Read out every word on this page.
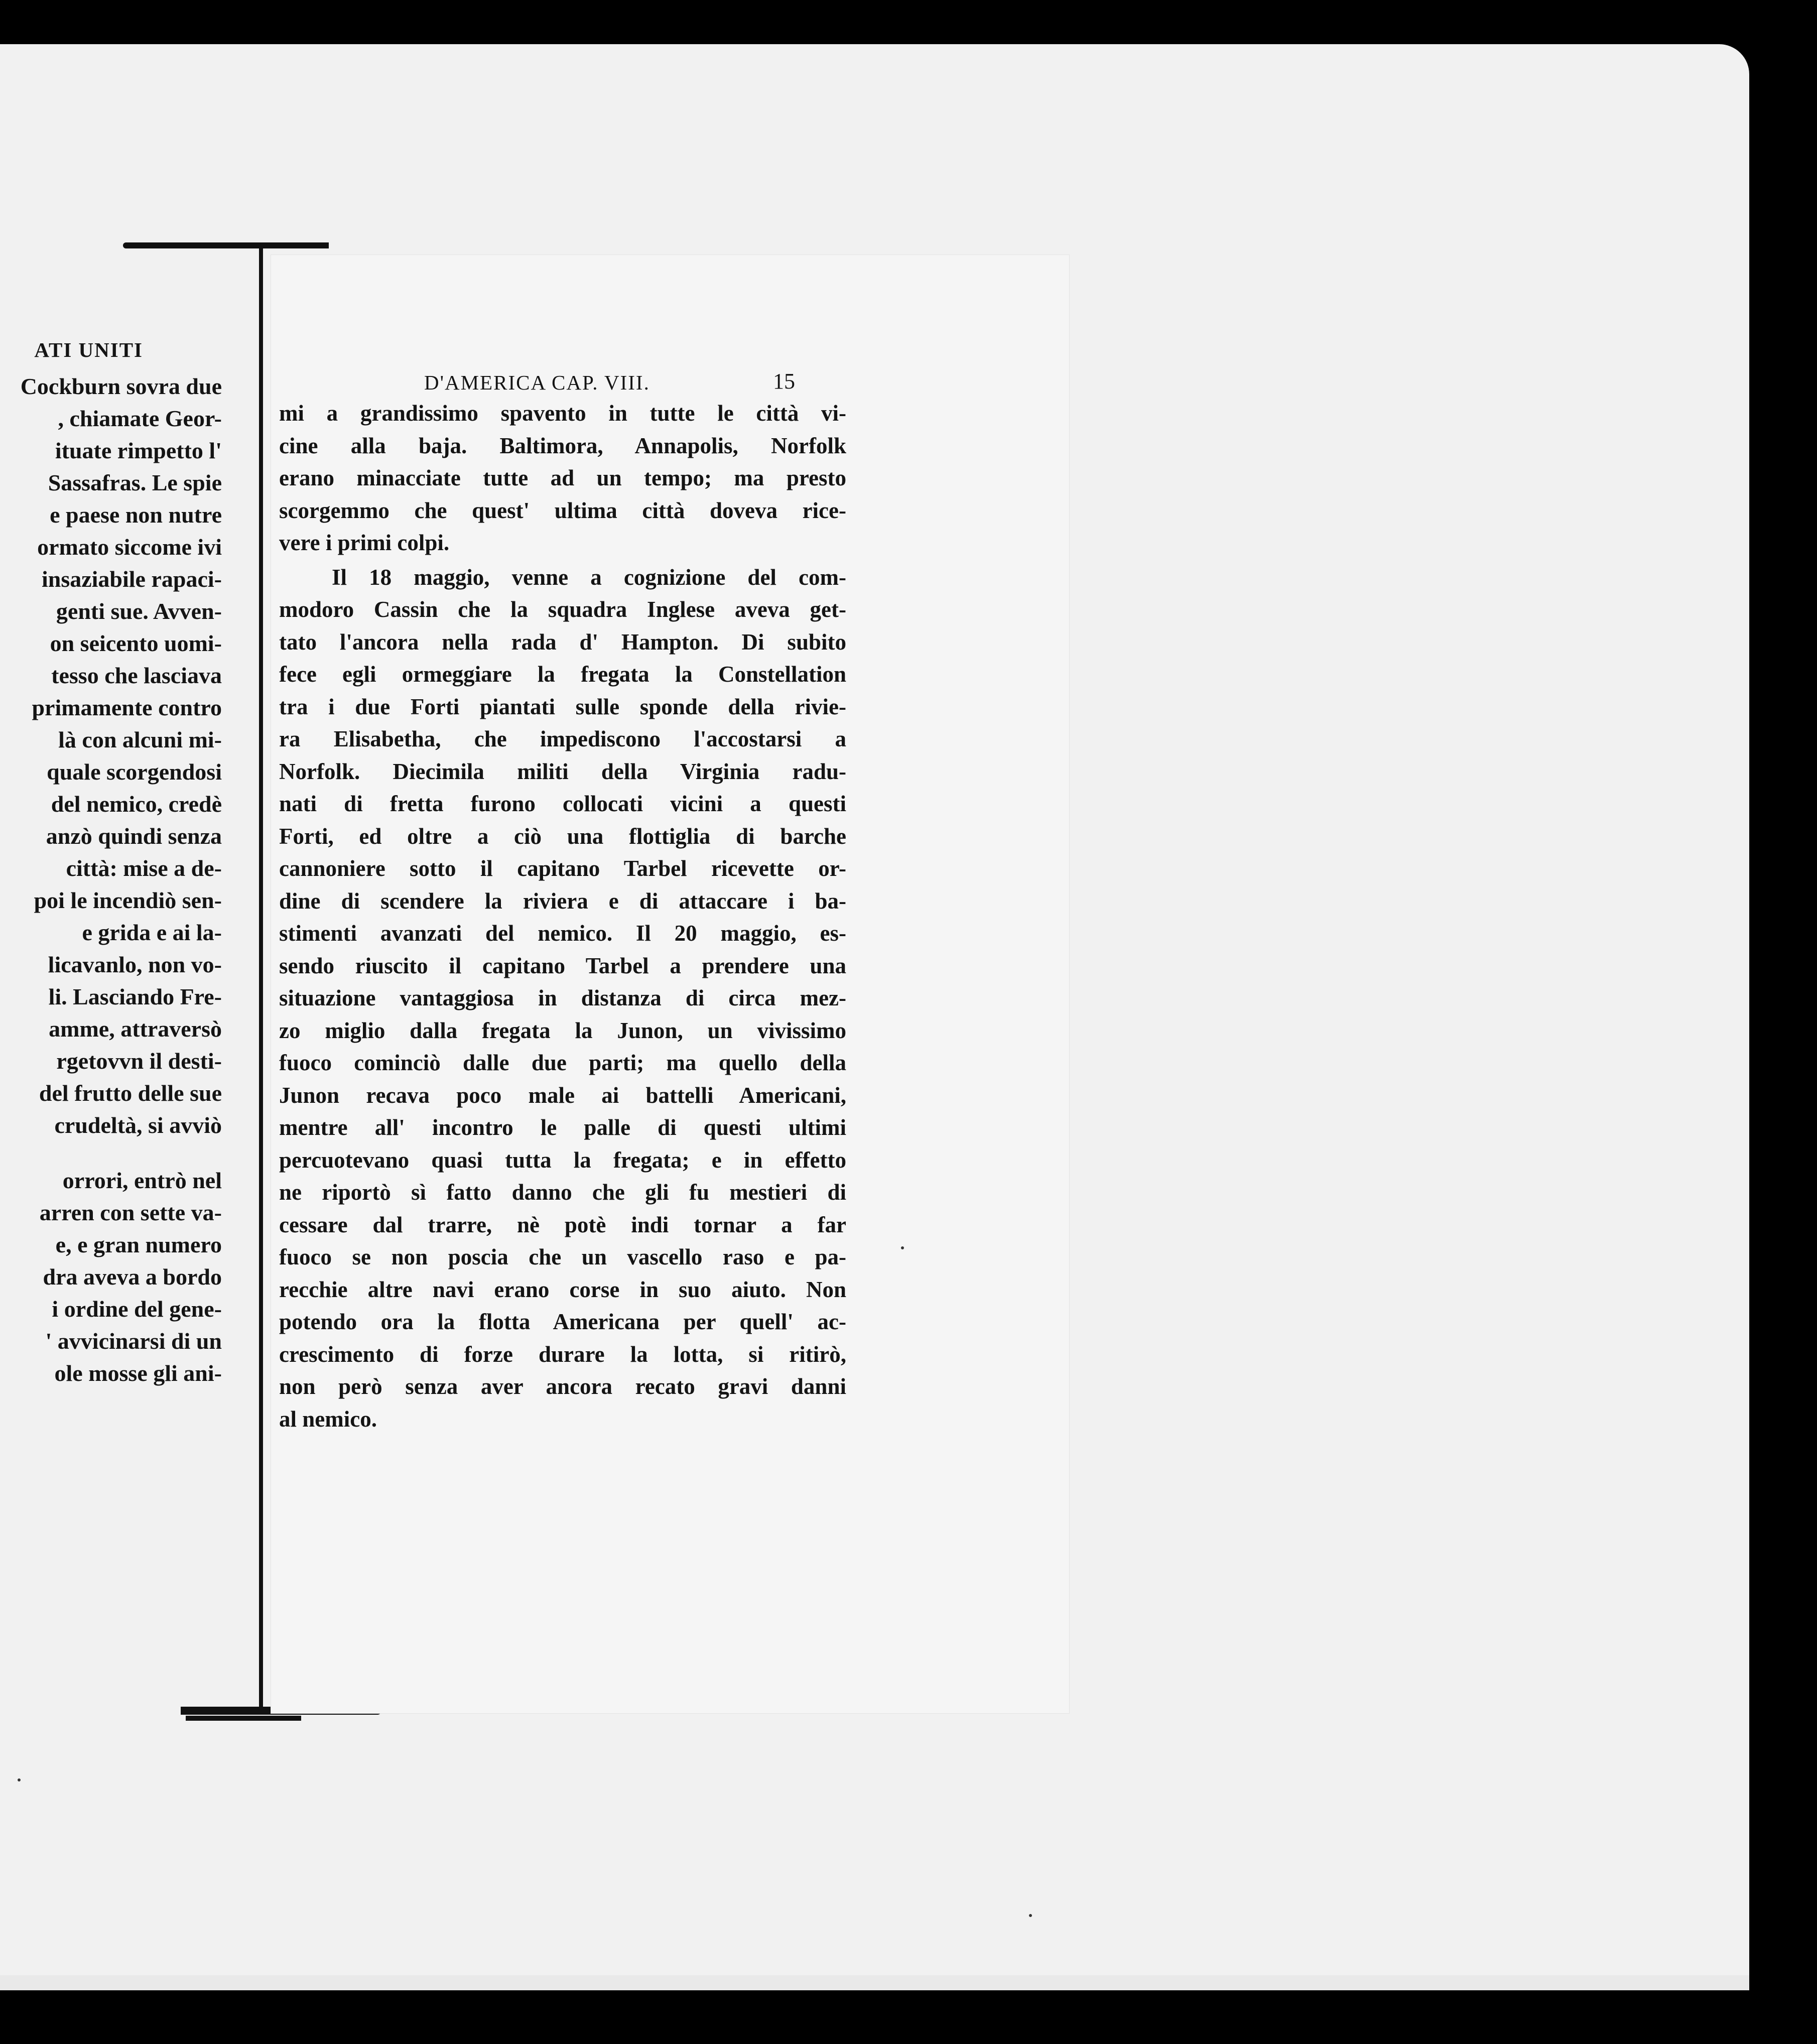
ATI UNITI
Cockburn sovra due
, chiamate Geor-
ituate rimpetto l'
Sassafras. Le spie
e paese non nutre
ormato siccome ivi
insaziabile rapaci-
genti sue. Avven-
on seicento uomi-
tesso che lasciava
primamente contro
là con alcuni mi-
quale scorgendosi
del nemico, credè
anzò quindi senza
città: mise a de-
poi le incendiò sen-
e grida e ai la-
licavanlo, non vo-
li. Lasciando Fre-
amme, attraversò
rgetovvn il desti-
del frutto delle sue
crudeltà, si avviò
orrori, entrò nel
arren con sette va-
e, e gran numero
dra aveva a bordo
i ordine del gene-
' avvicinarsi di un
ole mosse gli ani-
D'AMERICA CAP. VIII.	15
mi a grandissimo spavento in tutte le città vi-
cine alla baja. Baltimora, Annapolis, Norfolk
erano minacciate tutte ad un tempo; ma presto
scorgemmo che quest' ultima città doveva rice-
vere i primi colpi.
Il 18 maggio, venne a cognizione del com-
modoro Cassin che la squadra Inglese aveva get-
tato l'ancora nella rada d' Hampton. Di subito
fece egli ormeggiare la fregata la Constellation
tra i due Forti piantati sulle sponde della rivie-
ra Elisabetha, che impediscono l'accostarsi a
Norfolk. Diecimila militi della Virginia radu-
nati di fretta furono collocati vicini a questi
Forti, ed oltre a ciò una flottiglia di barche
cannoniere sotto il capitano Tarbel ricevette or-
dine di scendere la riviera e di attaccare i ba-
stimenti avanzati del nemico. Il 20 maggio, es-
sendo riuscito il capitano Tarbel a prendere una
situazione vantaggiosa in distanza di circa mez-
zo miglio dalla fregata la Junon, un vivissimo
fuoco cominciò dalle due parti; ma quello della
Junon recava poco male ai battelli Americani,
mentre all' incontro le palle di questi ultimi
percuotevano quasi tutta la fregata; e in effetto
ne riportò sì fatto danno che gli fu mestieri di
cessare dal trarre, nè potè indi tornar a far
fuoco se non poscia che un vascello raso e pa-
recchie altre navi erano corse in suo aiuto. Non
potendo ora la flotta Americana per quell' ac-
crescimento di forze durare la lotta, si ritirò,
non però senza aver ancora recato gravi danni
al nemico.
